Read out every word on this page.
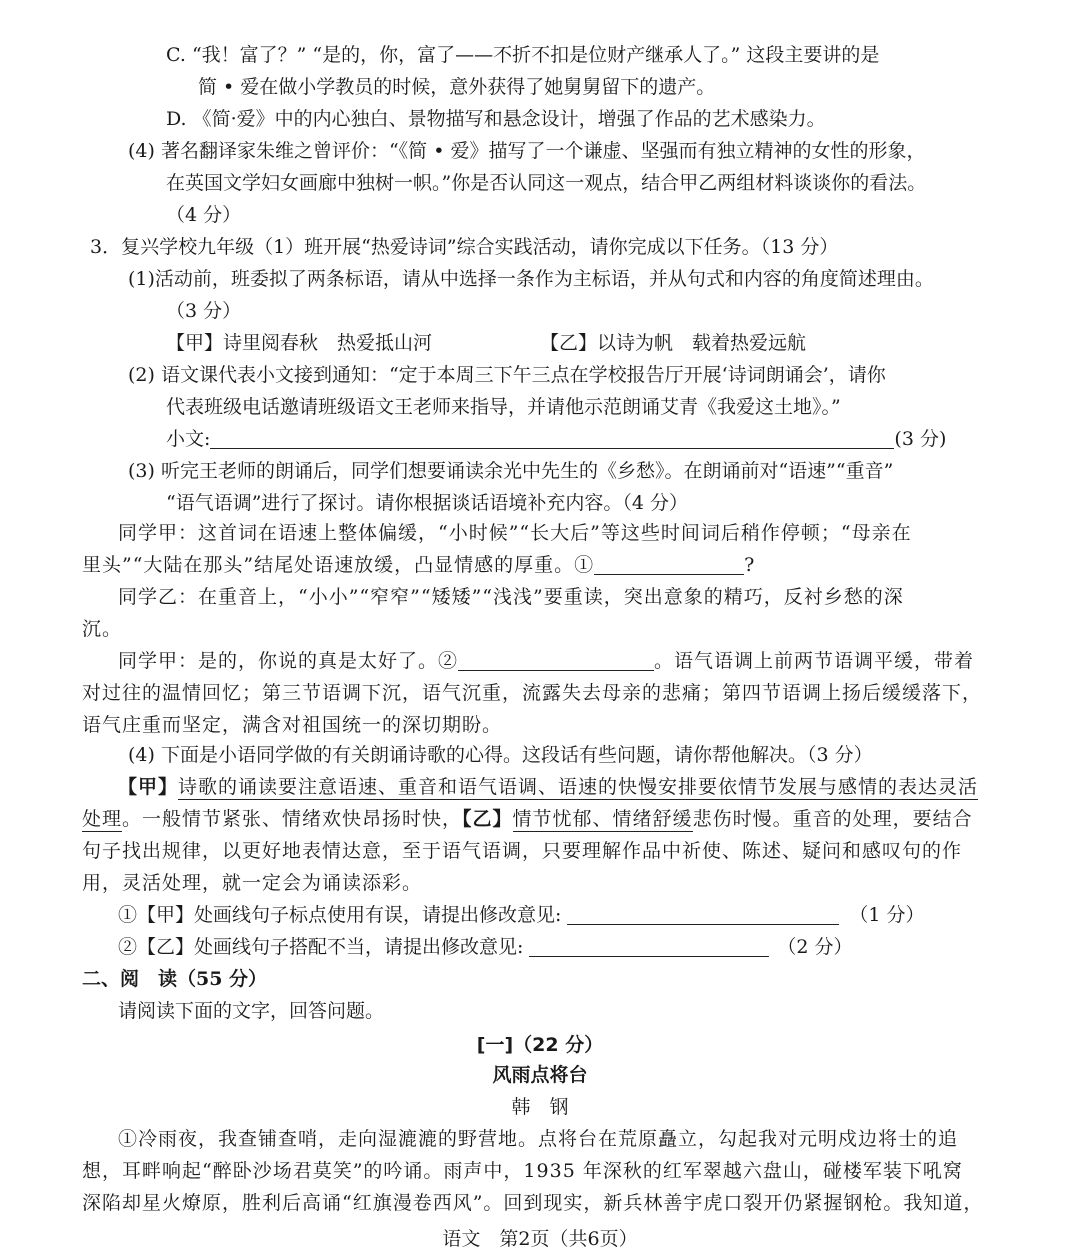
C. “我！富了？” “是的，你，富了——不折不扣是位财产继承人了。” 这段主要讲的是
简 • 爱在做小学教员的时候，意外获得了她舅舅留下的遗产。
D. 《简·爱》中的内心独白、景物描写和悬念设计，增强了作品的艺术感染力。
(4) 著名翻译家朱维之曾评价：“《简 • 爱》描写了一个谦虚、坚强而有独立精神的女性的形象，
在英国文学妇女画廊中独树一帜。”你是否认同这一观点，结合甲乙两组材料谈谈你的看法。
（4 分）
3．复兴学校九年级（1）班开展“热爱诗词”综合实践活动，请你完成以下任务。（13 分）
(1)活动前，班委拟了两条标语，请从中选择一条作为主标语，并从句式和内容的角度简述理由。
（3 分）
【甲】诗里阅春秋　热爱抵山河	【乙】以诗为帆　载着热爱远航
(2) 语文课代表小文接到通知：“定于本周三下午三点在学校报告厅开展‘诗词朗诵会’，请你
代表班级电话邀请班级语文王老师来指导，并请他示范朗诵艾青《我爱这土地》。”
小文:	(3 分)
(3) 听完王老师的朗诵后，同学们想要诵读余光中先生的《乡愁》。在朗诵前对“语速”“重音”
“语气语调”进行了探讨。请你根据谈话语境补充内容。（4 分）
同学甲：这首词在语速上整体偏缓，“小时候”“长大后”等这些时间词后稍作停顿；“母亲在
里头”“大陆在那头”结尾处语速放缓，凸显情感的厚重。①	?
同学乙：在重音上，“小小”“窄窄”“矮矮”“浅浅”要重读，突出意象的精巧，反衬乡愁的深
沉。
同学甲：是的，你说的真是太好了。②	。语气语调上前两节语调平缓，带着
对过往的温情回忆；第三节语调下沉，语气沉重，流露失去母亲的悲痛；第四节语调上扬后缓缓落下，
语气庄重而坚定，满含对祖国统一的深切期盼。
(4) 下面是小语同学做的有关朗诵诗歌的心得。这段话有些问题，请你帮他解决。（3 分）
【甲】诗歌的诵读要注意语速、重音和语气语调、语速的快慢安排要依情节发展与感情的表达灵活
处理。一般情节紧张、情绪欢快昂扬时快，【乙】情节忧郁、情绪舒缓悲伤时慢。重音的处理，要结合
句子找出规律，以更好地表情达意，至于语气语调，只要理解作品中祈使、陈述、疑问和感叹句的作
用，灵活处理，就一定会为诵读添彩。
①【甲】处画线句子标点使用有误，请提出修改意见:	（1 分）
②【乙】处画线句子搭配不当，请提出修改意见:	（2 分）
二、阅　读（55 分）
请阅读下面的文字，回答问题。
[一]（22 分）
风雨点将台
韩　钢
①冷雨夜，我查铺查哨，走向湿漉漉的野营地。点将台在荒原矗立，勾起我对元明戍边将士的追
想，耳畔响起“醉卧沙场君莫笑”的吟诵。雨声中，1935 年深秋的红军翠越六盘山，碰楼军装下吼窝
深陷却星火燎原，胜利后高诵“红旗漫卷西风”。回到现实，新兵林善宇虎口裂开仍紧握钢枪。我知道，
语文　第2页（共6页）
